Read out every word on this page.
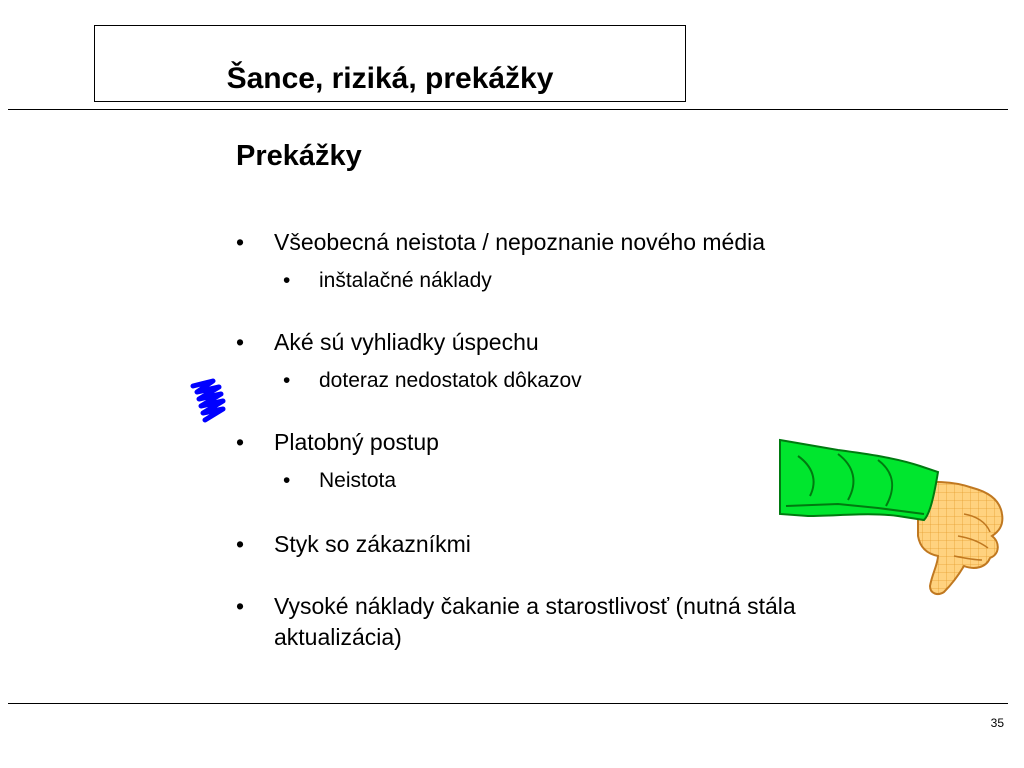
Šance, riziká, prekážky
Prekážky
• Všeobecná neistota / nepoznanie nového média
• inštalačné náklady
• Aké sú vyhliadky úspechu
• doteraz nedostatok dôkazov
• Platobný postup
• Neistota
• Styk so zákazníkmi
• Vysoké náklady čakanie a starostlivosť (nutná stála
aktualizácia)
35
